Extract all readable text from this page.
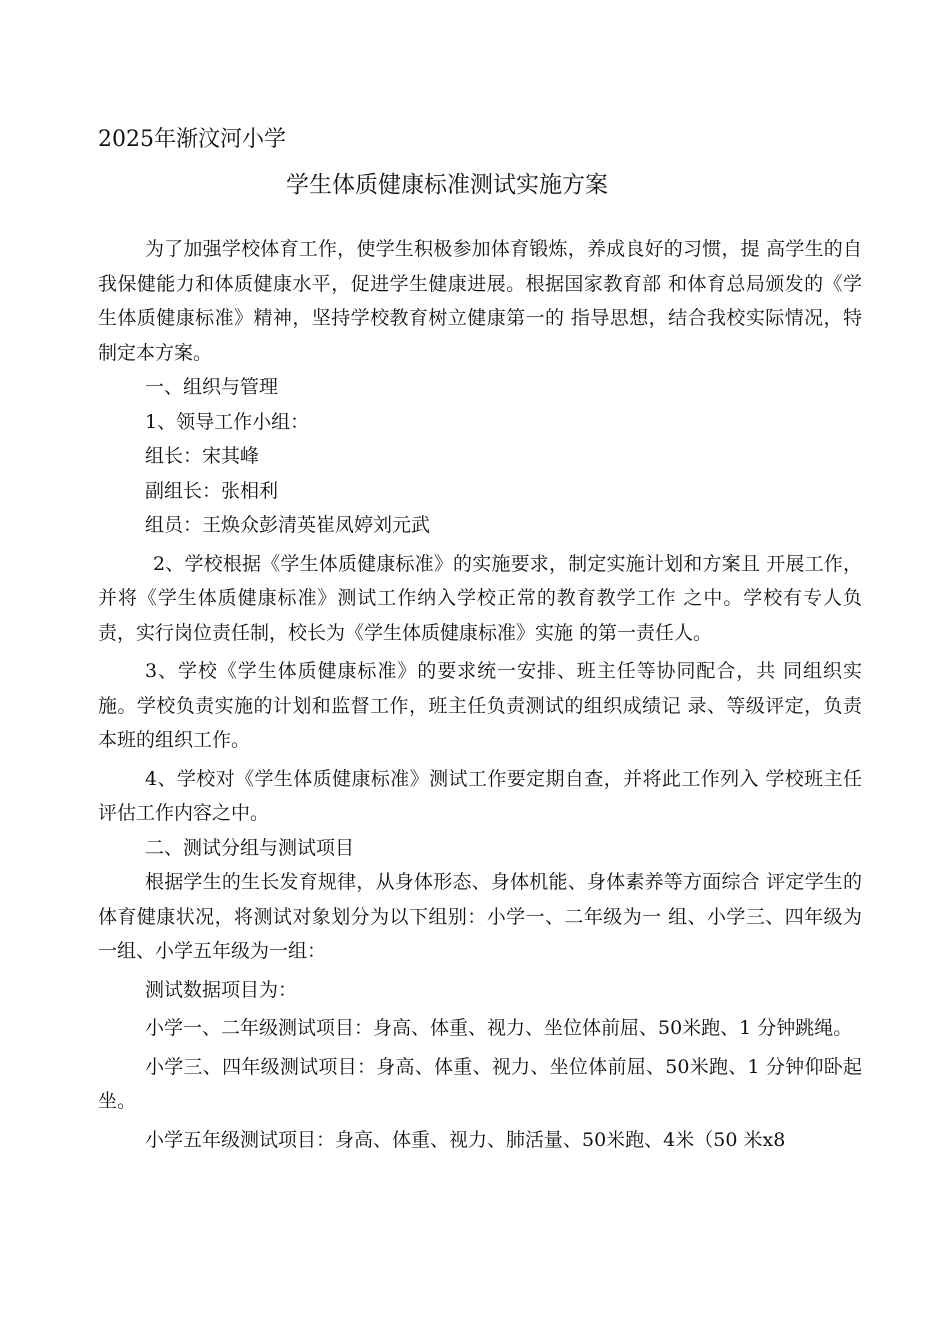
2025年渐汶河小学
学生体质健康标准测试实施方案

为了加强学校体育工作，使学生积极参加体育锻炼，养成良好的习惯，提 高学生的自我保健能力和体质健康水平，促进学生健康进展。根据国家教育部 和体育总局颁发的《学生体质健康标准》精神，坚持学校教育树立健康第一的 指导思想，结合我校实际情况，特制定本方案。

一、组织与管理

1、领导工作小组：

组长：宋其峰

副组长：张相利

组员：王焕众彭清英崔凤婷刘元武

2、学校根据《学生体质健康标准》的实施要求，制定实施计划和方案且 开展工作，并将《学生体质健康标准》测试工作纳入学校正常的教育教学工作 之中。学校有专人负责，实行岗位责任制，校长为《学生体质健康标准》实施 的第一责任人。

3、学校《学生体质健康标准》的要求统一安排、班主任等协同配合，共 同组织实施。学校负责实施的计划和监督工作，班主任负责测试的组织成绩记 录、等级评定，负责本班的组织工作。

4、学校对《学生体质健康标准》测试工作要定期自查，并将此工作列入 学校班主任评估工作内容之中。

二、测试分组与测试项目

根据学生的生长发育规律，从身体形态、身体机能、身体素养等方面综合 评定学生的体育健康状况，将测试对象划分为以下组别：小学一、二年级为一 组、小学三、四年级为一组、小学五年级为一组：

测试数据项目为：

小学一、二年级测试项目：身高、体重、视力、坐位体前屈、50米跑、1 分钟跳绳。

小学三、四年级测试项目：身高、体重、视力、坐位体前屈、50米跑、1 分钟仰卧起坐。

小学五年级测试项目：身高、体重、视力、肺活量、50米跑、4米（50 米x8
